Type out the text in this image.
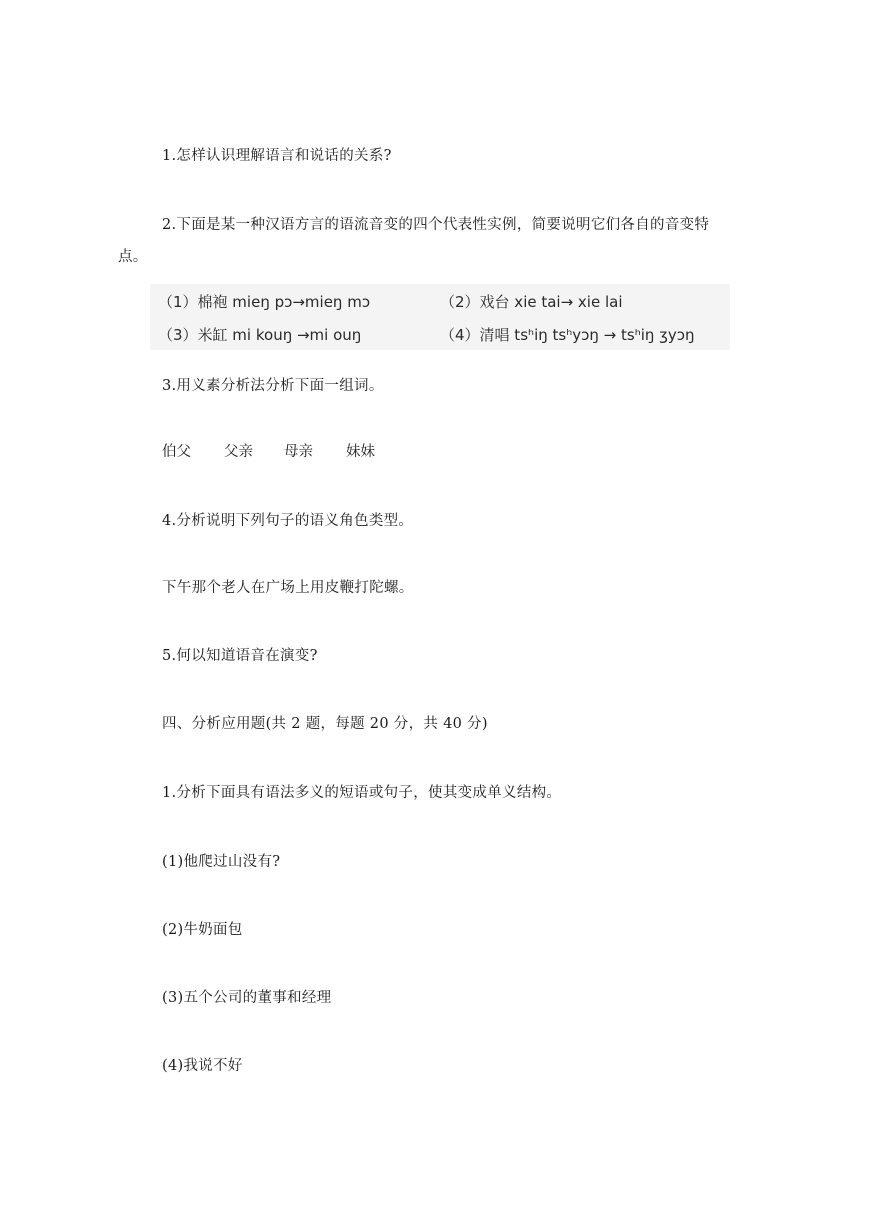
1.怎样认识理解语言和说话的关系?
2.下面是某一种汉语方言的语流音变的四个代表性实例，简要说明它们各自的音变特
点。
（1）棉袍 mieŋ pɔ→mieŋ mɔ	（2）戏台 xie tai→ xie lai
（3）米缸 mi kouŋ →mi ouŋ	（4）清唱 tsʰiŋ tsʰyɔŋ → tsʰiŋ ʒyɔŋ
3.用义素分析法分析下面一组词。
伯父 父亲 母亲 妹妹
4.分析说明下列句子的语义角色类型。
下午那个老人在广场上用皮鞭打陀螺。
5.何以知道语音在演变?
四、分析应用题(共 2 题，每题 20 分，共 40 分)
1.分析下面具有语法多义的短语或句子，使其变成单义结构。
(1)他爬过山没有?
(2)牛奶面包
(3)五个公司的董事和经理
(4)我说不好
